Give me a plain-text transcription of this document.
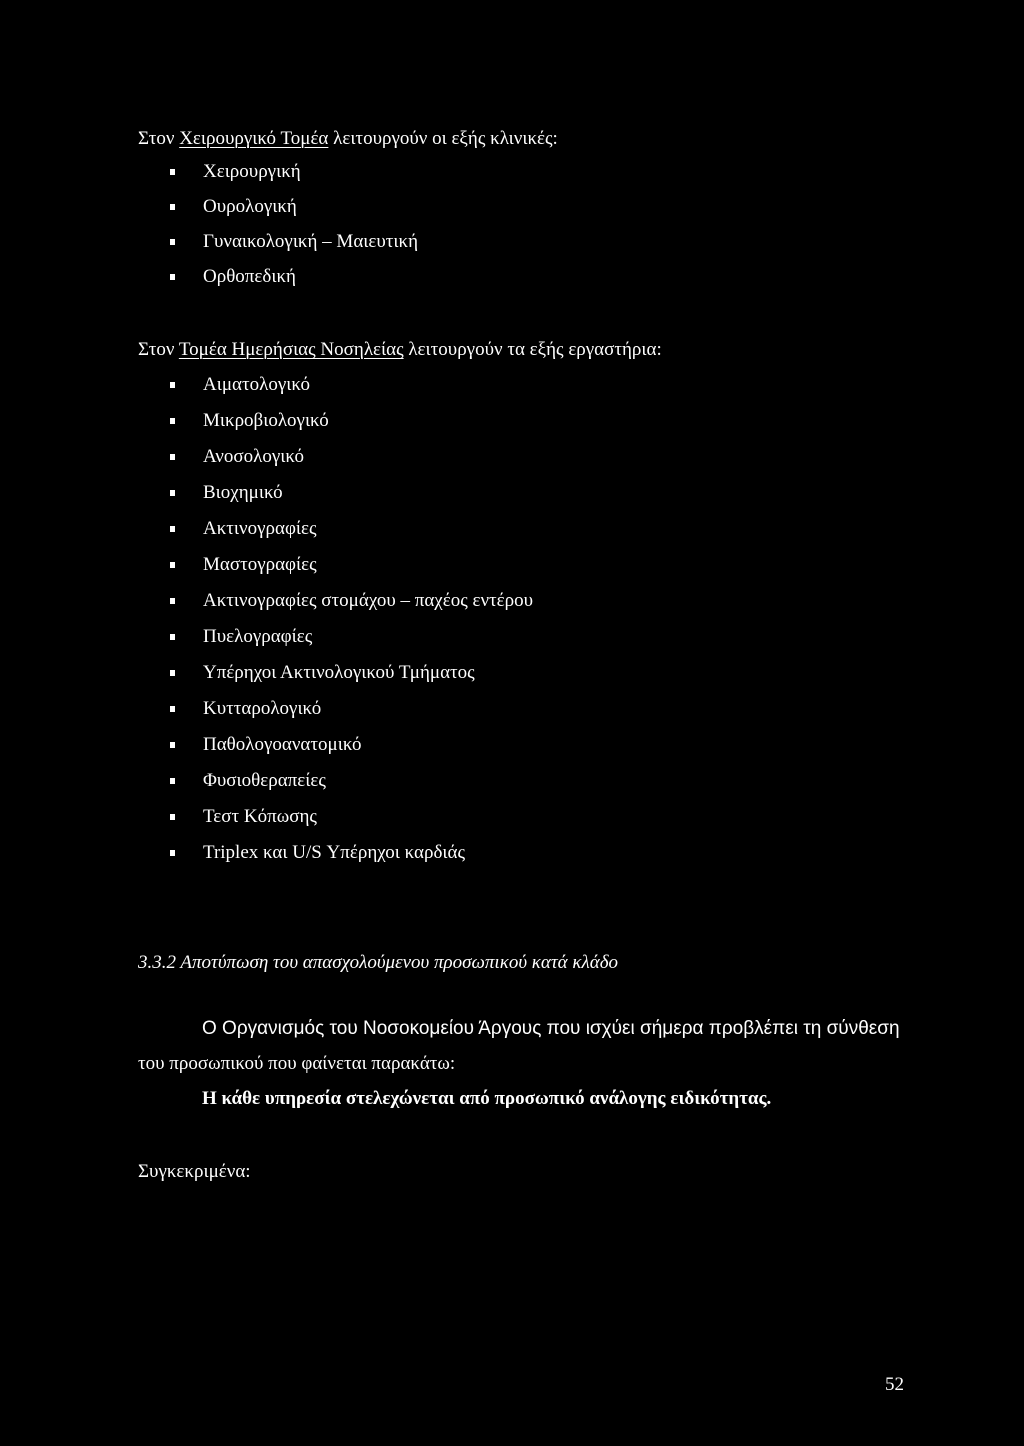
Στον Χειρουργικό Τομέα λειτουργούν οι εξής κλινικές:
Χειρουργική
Ουρολογική
Γυναικολογική – Μαιευτική
Ορθοπεδική
Στον Τομέα Ημερήσιας Νοσηλείας λειτουργούν τα εξής εργαστήρια:
Αιματολογικό
Μικροβιολογικό
Ανοσολογικό
Βιοχημικό
Ακτινογραφίες
Μαστογραφίες
Ακτινογραφίες στομάχου – παχέος εντέρου
Πυελογραφίες
Υπέρηχοι Ακτινολογικού Τμήματος
Κυτταρολογικό
Παθολογοανατομικό
Φυσιοθεραπείες
Τεστ Κόπωσης
Triplex και U/S Υπέρηχοι καρδιάς
3.3.2 Αποτύπωση του απασχολούμενου προσωπικού κατά κλάδο
Ο Οργανισμός του Νοσοκομείου Άργους που ισχύει σήμερα προβλέπει τη σύνθεση
του προσωπικού που φαίνεται παρακάτω:
Η κάθε υπηρεσία στελεχώνεται από προσωπικό ανάλογης ειδικότητας.
Συγκεκριμένα:
52
